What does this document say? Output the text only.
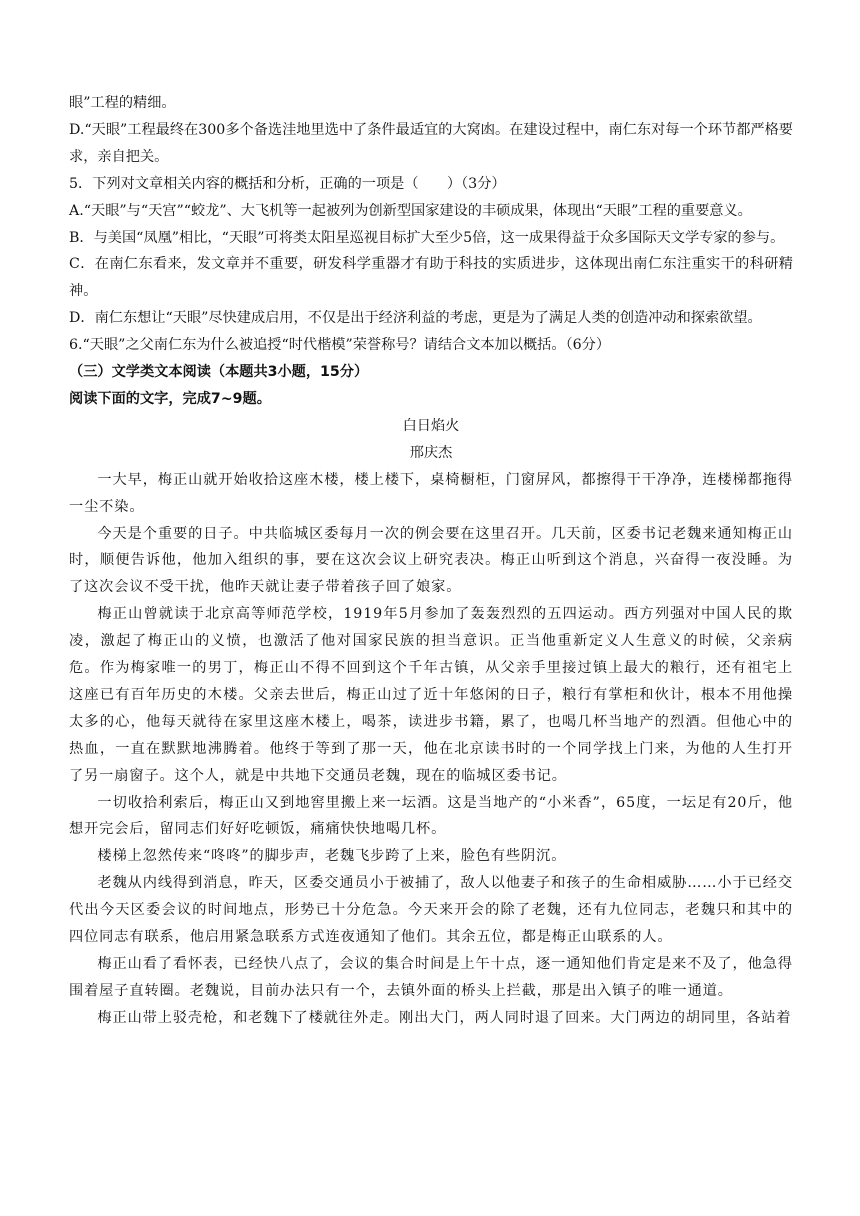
眼”工程的精细。

D.“天眼”工程最终在300多个备选洼地里选中了条件最适宜的大窝凼。在建设过程中，南仁东对每一个环节都严格要求，亲自把关。

5．下列对文章相关内容的概括和分析，正确的一项是（　　）（3分）

A.“天眼”与“天宫”“蛟龙”、大飞机等一起被列为创新型国家建设的丰硕成果，体现出“天眼”工程的重要意义。

B．与美国“凤凰”相比，“天眼”可将类太阳星巡视目标扩大至少5倍，这一成果得益于众多国际天文学专家的参与。

C．在南仁东看来，发文章并不重要，研发科学重器才有助于科技的实质进步，这体现出南仁东注重实干的科研精神。

D．南仁东想让“天眼”尽快建成启用，不仅是出于经济利益的考虑，更是为了满足人类的创造冲动和探索欲望。

6.“天眼”之父南仁东为什么被追授“时代楷模”荣誉称号？请结合文本加以概括。（6分）

（三）文学类文本阅读（本题共3小题，15分）

阅读下面的文字，完成7~9题。

白日焰火

邢庆杰

一大早，梅正山就开始收拾这座木楼，楼上楼下，桌椅橱柜，门窗屏风，都擦得干干净净，连楼梯都拖得一尘不染。

今天是个重要的日子。中共临城区委每月一次的例会要在这里召开。几天前，区委书记老魏来通知梅正山时，顺便告诉他，他加入组织的事，要在这次会议上研究表决。梅正山听到这个消息，兴奋得一夜没睡。为了这次会议不受干扰，他昨天就让妻子带着孩子回了娘家。

梅正山曾就读于北京高等师范学校，1919年5月参加了轰轰烈烈的五四运动。西方列强对中国人民的欺凌，激起了梅正山的义愤，也激活了他对国家民族的担当意识。正当他重新定义人生意义的时候，父亲病危。作为梅家唯一的男丁，梅正山不得不回到这个千年古镇，从父亲手里接过镇上最大的粮行，还有祖宅上这座已有百年历史的木楼。父亲去世后，梅正山过了近十年悠闲的日子，粮行有掌柜和伙计，根本不用他操太多的心，他每天就待在家里这座木楼上，喝茶，读进步书籍，累了，也喝几杯当地产的烈酒。但他心中的热血，一直在默默地沸腾着。他终于等到了那一天，他在北京读书时的一个同学找上门来，为他的人生打开了另一扇窗子。这个人，就是中共地下交通员老魏，现在的临城区委书记。

一切收拾利索后，梅正山又到地窖里搬上来一坛酒。这是当地产的“小米香”，65度，一坛足有20斤，他想开完会后，留同志们好好吃顿饭，痛痛快快地喝几杯。

楼梯上忽然传来“咚咚”的脚步声，老魏飞步跨了上来，脸色有些阴沉。

老魏从内线得到消息，昨天，区委交通员小于被捕了，敌人以他妻子和孩子的生命相威胁……小于已经交代出今天区委会议的时间地点，形势已十分危急。今天来开会的除了老魏，还有九位同志，老魏只和其中的四位同志有联系，他启用紧急联系方式连夜通知了他们。其余五位，都是梅正山联系的人。

梅正山看了看怀表，已经快八点了，会议的集合时间是上午十点，逐一通知他们肯定是来不及了，他急得围着屋子直转圈。老魏说，目前办法只有一个，去镇外面的桥头上拦截，那是出入镇子的唯一通道。

梅正山带上驳壳枪，和老魏下了楼就往外走。刚出大门，两人同时退了回来。大门两边的胡同里，各站着
